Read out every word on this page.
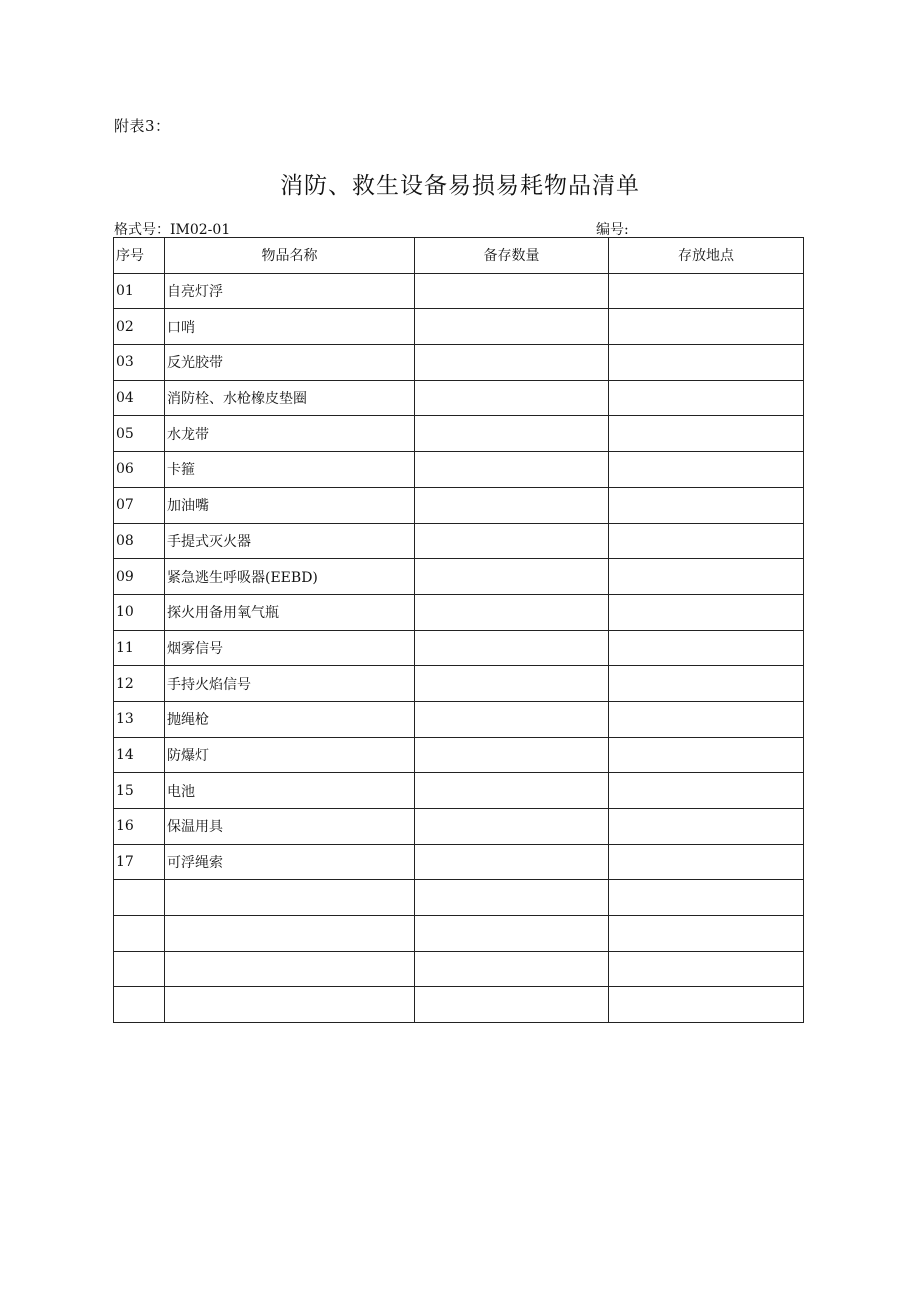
附表3：
消防、救生设备易损易耗物品清单
格式号：IM02-01	编号:
序号	物品名称	备存数量	存放地点
01	自亮灯浮		
02	口哨		
03	反光胶带		
04	消防栓、水枪橡皮垫圈		
05	水龙带		
06	卡箍		
07	加油嘴		
08	手提式灭火器		
09	紧急逃生呼吸器(EEBD)		
10	探火用备用氧气瓶		
11	烟雾信号		
12	手持火焰信号		
13	抛绳枪		
14	防爆灯		
15	电池		
16	保温用具		
17	可浮绳索		
